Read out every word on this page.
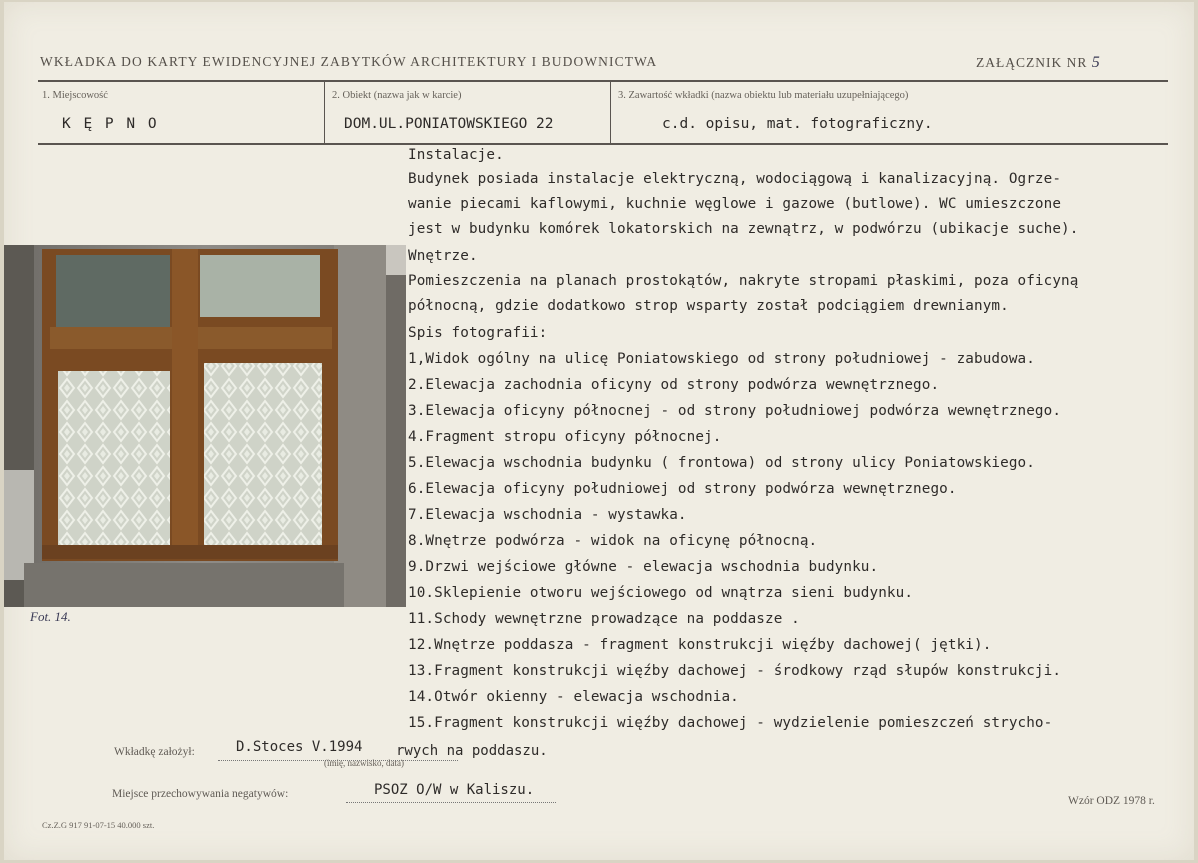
WKŁADKA DO KARTY EWIDENCYJNEJ ZABYTKÓW ARCHITEKTURY I BUDOWNICTWA	ZAŁĄCZNIK NR 5
1. Miejscowość
K Ę P N O
2. Obiekt (nazwa jak w karcie)
DOM.UL.PONIATOWSKIEGO 22
3. Zawartość wkładki (nazwa obiektu lub materiału uzupełniającego)
c.d. opisu, mat. fotograficzny.
Instalacje.
Budynek posiada instalacje elektryczną, wodociągową i kanalizacyjną. Ogrze-
wanie piecami kaflowymi, kuchnie węglowe i gazowe (butlowe). WC umieszczone
jest w budynku komórek lokatorskich na zewnątrz, w podwórzu (ubikacje suche).
Wnętrze.
Pomieszczenia na planach prostokątów, nakryte stropami płaskimi, poza oficyną
północną, gdzie dodatkowo strop wsparty został podciągiem drewnianym.
Spis fotografii:
1,Widok ogólny na ulicę Poniatowskiego od strony południowej - zabudowa.
2.Elewacja zachodnia oficyny od strony podwórza wewnętrznego.
3.Elewacja oficyny północnej - od strony południowej podwórza wewnętrznego.
4.Fragment stropu oficyny północnej.
5.Elewacja wschodnia budynku ( frontowa) od strony ulicy Poniatowskiego.
6.Elewacja oficyny południowej od strony podwórza wewnętrznego.
7.Elewacja wschodnia - wystawka.
8.Wnętrze podwórza - widok na oficynę północną.
9.Drzwi wejściowe główne - elewacja wschodnia budynku.
10.Sklepienie otworu wejściowego od wnątrza sieni budynku.
11.Schody wewnętrzne prowadzące na poddasze .
12.Wnętrze poddasza - fragment konstrukcji więźby dachowej( jętki).
13.Fragment konstrukcji więźby dachowej - środkowy rząd słupów konstrukcji.
14.Otwór okienny - elewacja wschodnia.
15.Fragment konstrukcji więźby dachowej - wydzielenie pomieszczeń strycho-
Fot. 14.
Wkładkę założył:	D.Stoces V.1994 rwych na poddaszu.
(imię, nazwisko, data)
Miejsce przechowywania negatywów:	PSOZ O/W w Kaliszu.
Wzór ODZ 1978 r.
Cz.Z.G 917 91-07-15 40.000 szt.
